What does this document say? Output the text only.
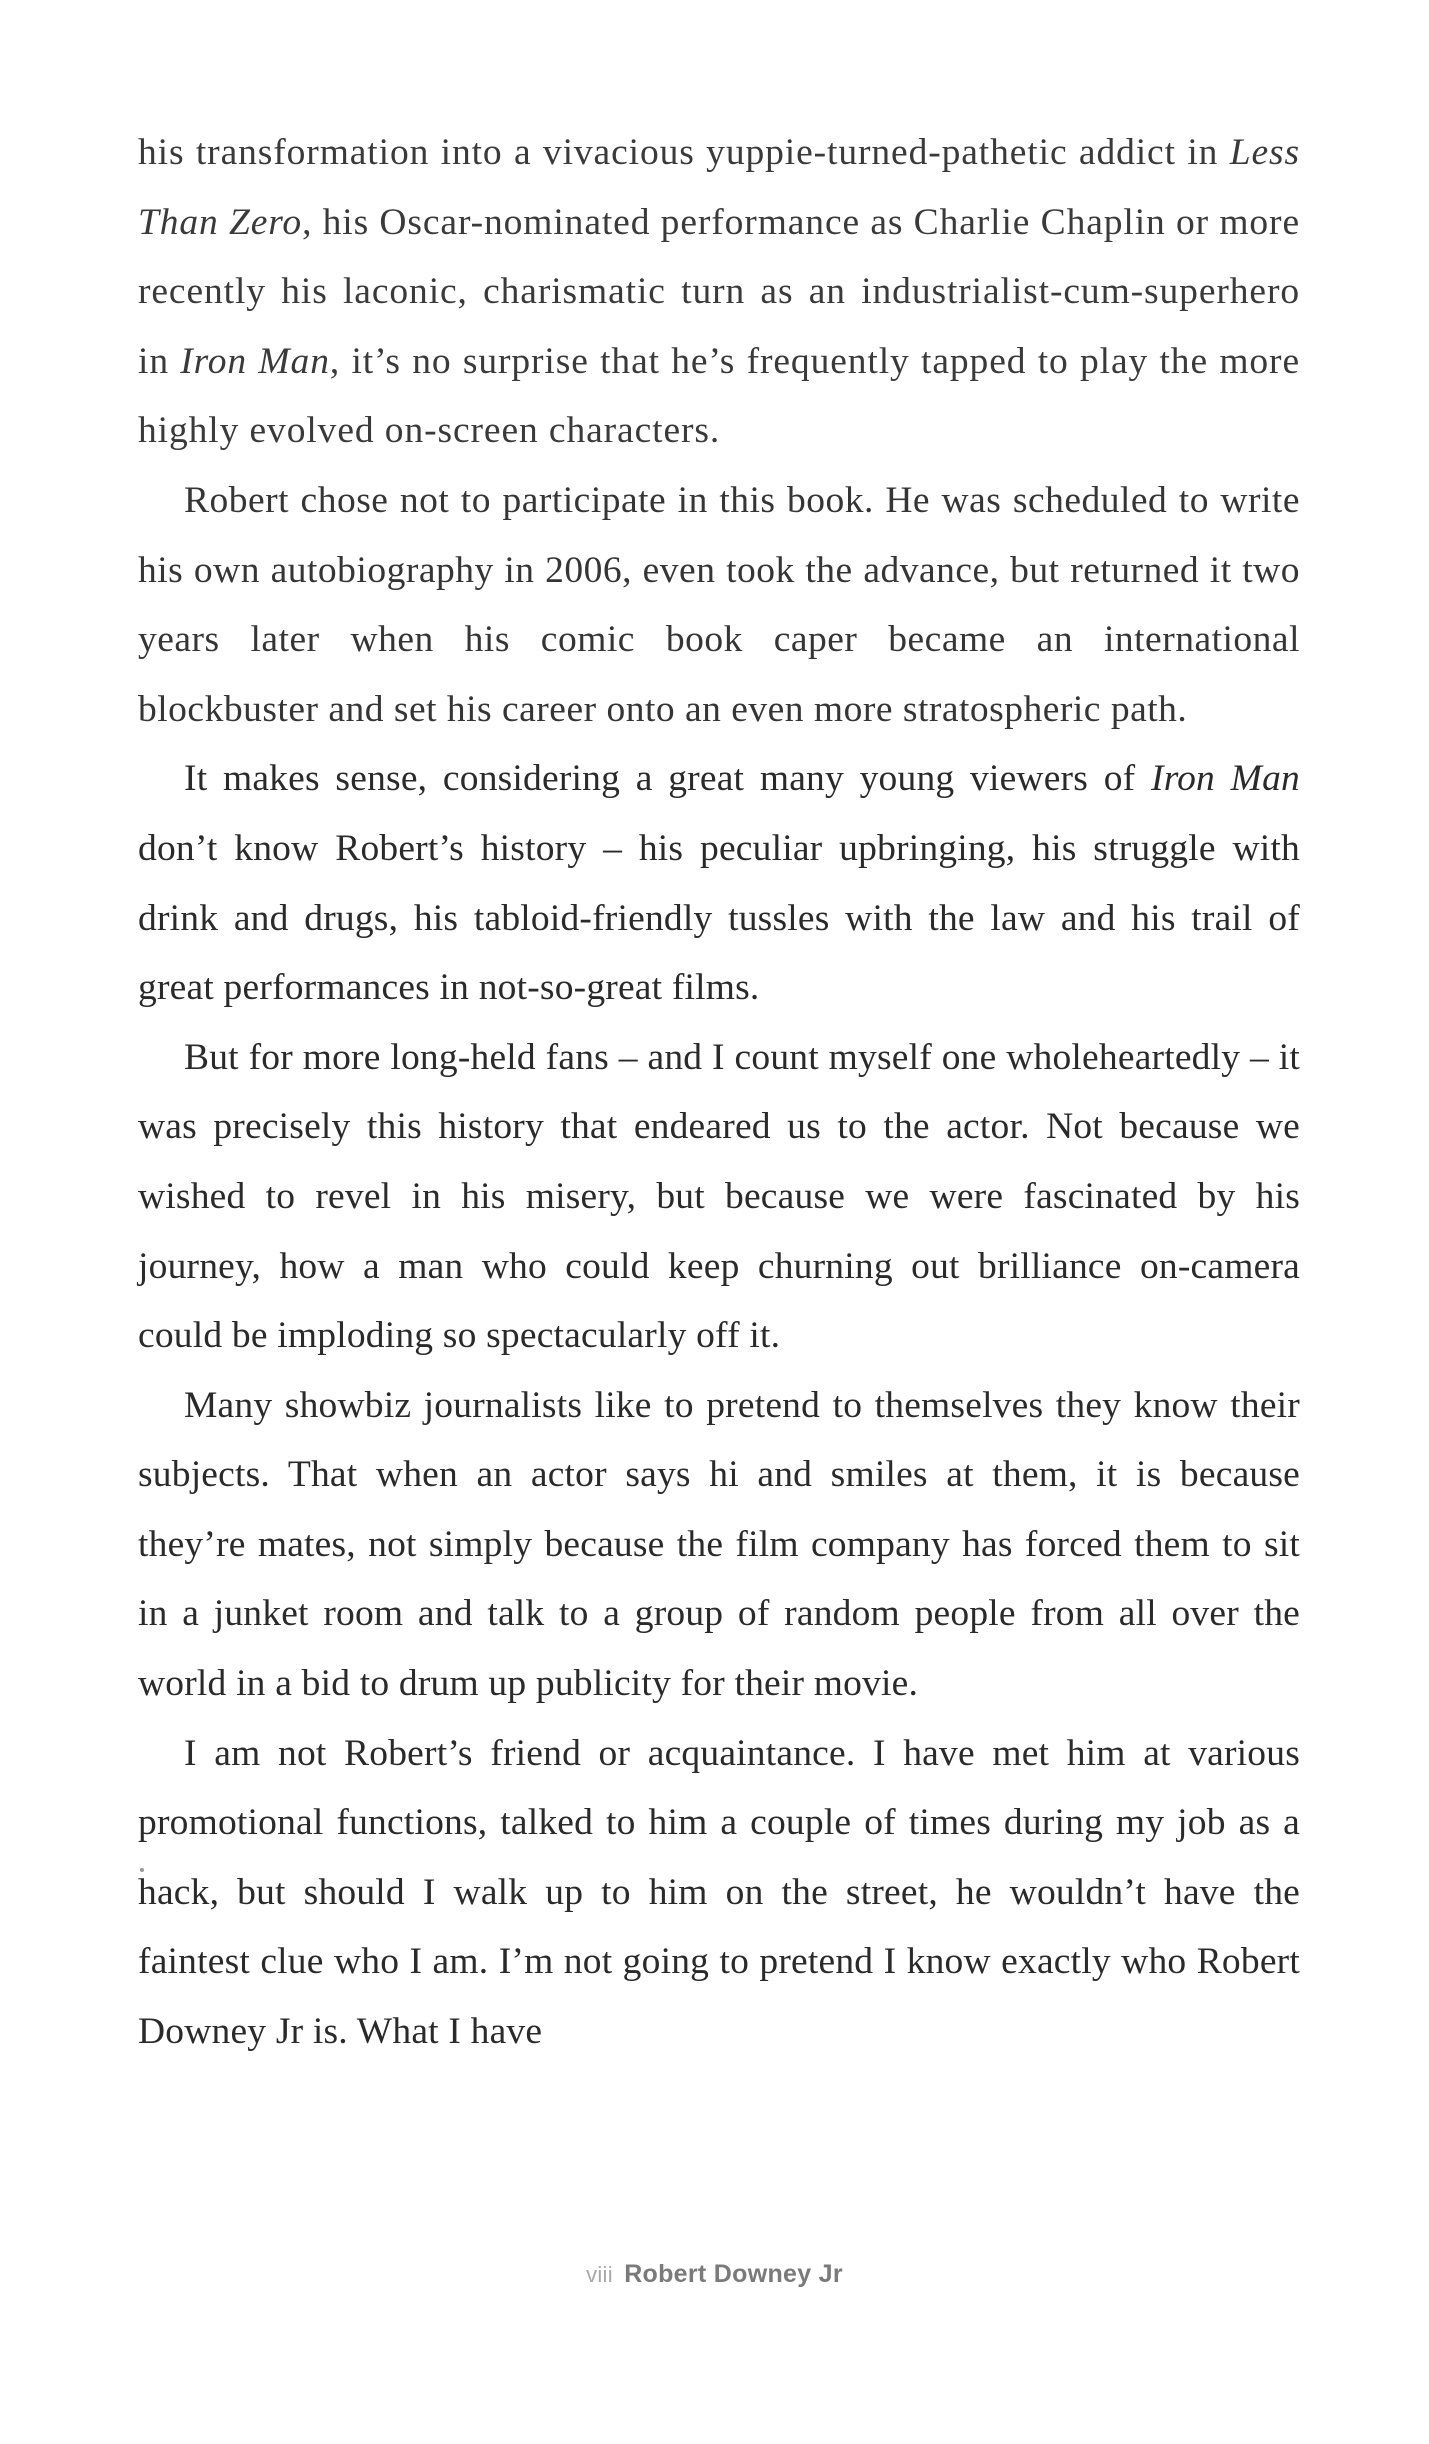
his transformation into a vivacious yuppie-turned-pathetic addict in Less Than Zero, his Oscar-nominated performance as Charlie Chaplin or more recently his laconic, charismatic turn as an industrialist-cum-superhero in Iron Man, it’s no surprise that he’s frequently tapped to play the more highly evolved on-screen characters.

Robert chose not to participate in this book. He was scheduled to write his own autobiography in 2006, even took the advance, but returned it two years later when his comic book caper became an international blockbuster and set his career onto an even more stratospheric path.

It makes sense, considering a great many young viewers of Iron Man don’t know Robert’s history – his peculiar upbringing, his struggle with drink and drugs, his tabloid-friendly tussles with the law and his trail of great performances in not-so-great films.

But for more long-held fans – and I count myself one wholeheartedly – it was precisely this history that endeared us to the actor. Not because we wished to revel in his misery, but because we were fascinated by his journey, how a man who could keep churning out brilliance on-camera could be imploding so spectacularly off it.

Many showbiz journalists like to pretend to themselves they know their subjects. That when an actor says hi and smiles at them, it is because they’re mates, not simply because the film company has forced them to sit in a junket room and talk to a group of random people from all over the world in a bid to drum up publicity for their movie.

I am not Robert’s friend or acquaintance. I have met him at various promotional functions, talked to him a couple of times during my job as a hack, but should I walk up to him on the street, he wouldn’t have the faintest clue who I am. I’m not going to pretend I know exactly who Robert Downey Jr is. What I have

viii Robert Downey Jr
